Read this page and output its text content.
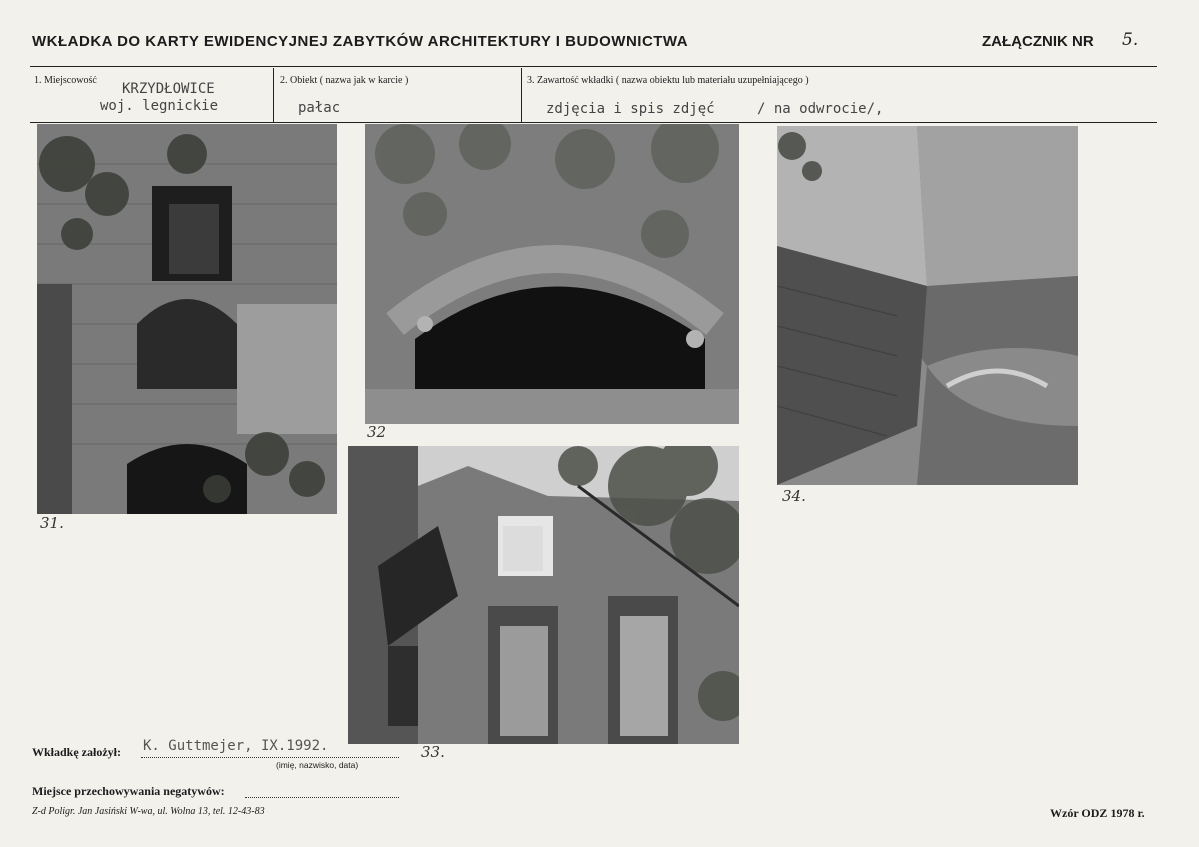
WKŁADKA DO KARTY EWIDENCYJNEJ ZABYTKÓW ARCHITEKTURY I BUDOWNICTWA	ZAŁĄCZNIK NR 5.
1. Miejscowość	2. Obiekt ( nazwa jak w karcie )	3. Zawartość wkładki ( nazwa obiektu lub materiału uzupełniającego )
KRZYDŁOWICE
woj. legnickie	pałac	zdjęcia i spis zdjęć	/ na odwrocie/,
31.
32
33.
34.
Wkładkę założył: K. Guttmejer, IX.1992.
(imię, nazwisko, data)
Miejsce przechowywania negatywów:
Z-d Poligr. Jan Jasiński W-wa, ul. Wolna 13, tel. 12-43-83	Wzór ODZ 1978 r.
